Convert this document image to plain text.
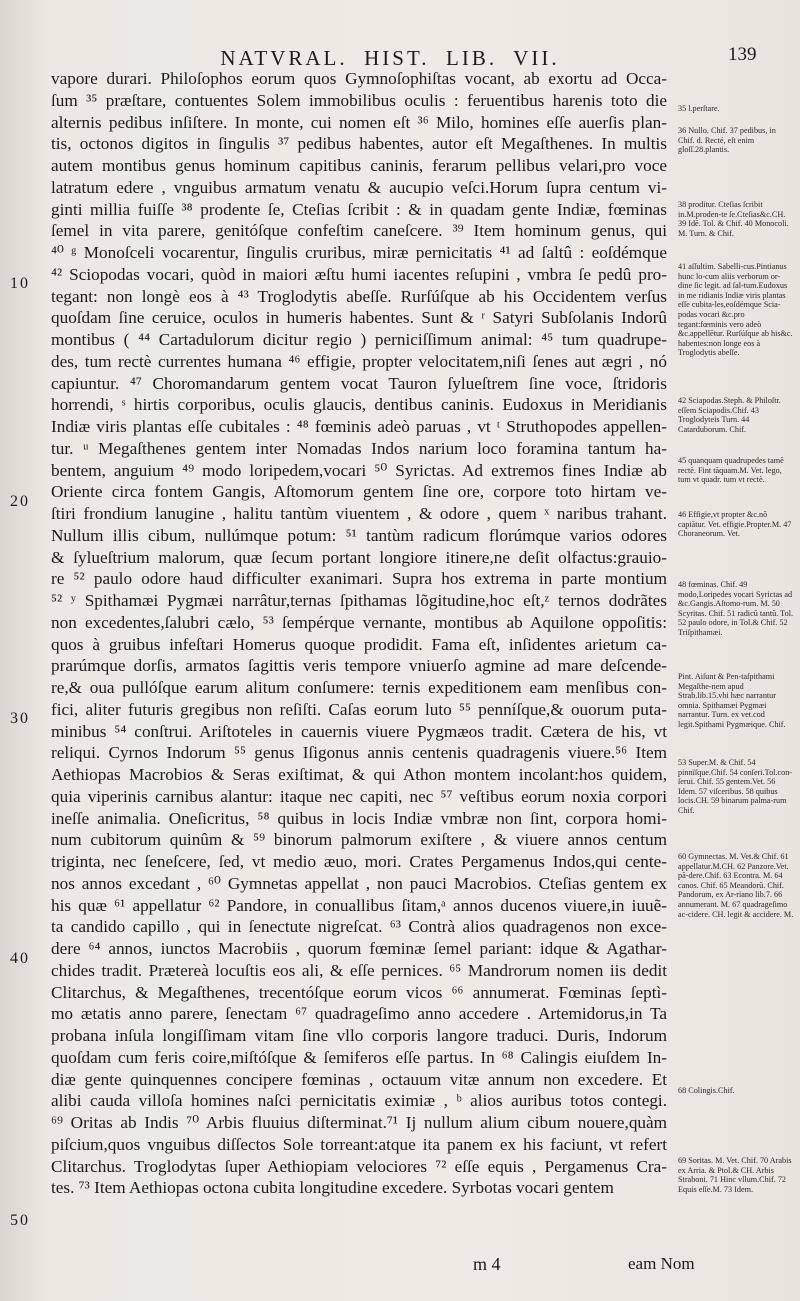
NATVRAL.  HIST.  LIB.  VII.	139
10
20
30
40
50
vapore durari. Philoſophos eorum quos Gymnoſophiſtas vocant, ab exortu ad Occa-
ſum ³⁵ præſtare, contuentes Solem immobilibus oculis : feruentibus harenis toto die
alternis pedibus inſiſtere. In monte, cui nomen eſt ³⁶ Milo, homines eſſe auerſis plan-
tis, octonos digitos in ſingulis ³⁷ pedibus habentes, autor eſt Megaſthenes. In multis
autem montibus genus hominum capitibus caninis, ferarum pellibus velari,pro voce
latratum edere , vnguibus armatum venatu & aucupio veſci.Horum ſupra centum vi-
ginti millia fuiſſe ³⁸ prodente ſe, Cteſias ſcribit : & in quadam gente Indiæ, fœminas
ſemel in vita parere, genitóſque confeſtim caneſcere. ³⁹ Item hominum genus, qui
⁴⁰ ᵍ Monoſceli vocarentur, ſingulis cruribus, miræ pernicitatis ⁴¹ ad ſaltû : eoſdémque
⁴² Sciopodas vocari, quòd in maiori æſtu humi iacentes reſupini , vmbra ſe pedû pro-
tegant: non longè eos à ⁴³ Troglodytis abeſſe. Rurſúſque ab his Occidentem verſus
quoſdam ſine ceruice, oculos in humeris habentes. Sunt & ʳ Satyri Subſolanis Indorû
montibus ( ⁴⁴ Cartadulorum dicitur regio ) perniciſſimum animal: ⁴⁵ tum quadrupe-
des, tum rectè currentes humana ⁴⁶ effigie, propter velocitatem,niſi ſenes aut ægri , nó
capiuntur. ⁴⁷ Choromandarum gentem vocat Tauron ſylueſtrem ſine voce, ſtridoris
horrendi, ˢ hirtis corporibus, oculis glaucis, dentibus caninis. Eudoxus in Meridianis
Indiæ viris plantas eſſe cubitales : ⁴⁸ fœminis adeò paruas , vt ᵗ Struthopodes appellen-
tur. ᵘ Megaſthenes gentem inter Nomadas Indos narium loco foramina tantum ha-
bentem, anguium ⁴⁹ modo loripedem,vocari ⁵⁰ Syrictas. Ad extremos fines Indiæ ab
Oriente circa fontem Gangis, Aſtomorum gentem ſine ore, corpore toto hirtam ve-
ſtiri frondium lanugine , halitu tantùm viuentem , & odore , quem ˣ naribus trahant.
Nullum illis cibum, nullúmque potum: ⁵¹ tantùm radicum florúmque varios odores
& ſylueſtrium malorum, quæ ſecum portant longiore itinere,ne deſit olfactus:grauio-
re ⁵² paulo odore haud difficulter exanimari. Supra hos extrema in parte montium
⁵² ʸ Spithamæi Pygmæi narrâtur,ternas ſpithamas lõgitudine,hoc eſt,ᶻ ternos dodrãtes
non excedentes,ſalubri cælo, ⁵³ ſempérque vernante, montibus ab Aquilone oppoſitis:
quos à gruibus infeſtari Homerus quoque prodidit. Fama eſt, inſidentes arietum ca-
prarúmque dorſis, armatos ſagittis veris tempore vniuerſo agmine ad mare deſcende-
re,& oua pullóſque earum alitum conſumere: ternis expeditionem eam menſibus con-
fici, aliter futuris gregibus non reſiſti. Caſas eorum luto ⁵⁵ penníſque,& ouorum puta-
minibus ⁵⁴ conſtrui. Ariſtoteles in cauernis viuere Pygmæos tradit. Cætera de his, vt
reliqui. Cyrnos Indorum ⁵⁵ genus Iſigonus annis centenis quadragenis viuere.⁵⁶ Item
Aethiopas Macrobios & Seras exiſtimat, & qui Athon montem incolant:hos quidem,
quia viperinis carnibus alantur: itaque nec capiti, nec ⁵⁷ veſtibus eorum noxia corpori
ineſſe animalia. Oneſicritus, ⁵⁸ quibus in locis Indiæ vmbræ non ſint, corpora homi-
num cubitorum quinûm & ⁵⁹ binorum palmorum exiſtere , & viuere annos centum
triginta, nec ſeneſcere, ſed, vt medio æuo, mori. Crates Pergamenus Indos,qui cente-
nos annos excedant , ⁶⁰ Gymnetas appellat , non pauci Macrobios. Cteſias gentem ex
his quæ ⁶¹ appellatur ⁶² Pandore, in conuallibus ſitam,ᵃ annos ducenos viuere,in iuuẽ-
ta candido capillo , qui in ſenectute nigreſcat. ⁶³ Contrà alios quadragenos non exce-
dere ⁶⁴ annos, iunctos Macrobiis , quorum fœminæ ſemel pariant: idque & Agathar-
chides tradit. Prætereà locuſtis eos ali, & eſſe pernices. ⁶⁵ Mandrorum nomen iis dedit
Clitarchus, & Megaſthenes, trecentóſque eorum vicos ⁶⁶ annumerat. Fœminas ſeptì-
mo ætatis anno parere, ſenectam ⁶⁷ quadrageſimo anno accedere . Artemidorus,in Ta
probana inſula longiſſimam vitam ſine vllo corporis langore traduci. Duris, Indorum
quoſdam cum feris coire,miſtóſque & ſemiferos eſſe partus. In ⁶⁸ Calingis eiuſdem In-
diæ gente quinquennes concipere fœminas , octauum vitæ annum non excedere. Et
alibi cauda villoſa homines naſci pernicitatis eximiæ , ᵇ alios auribus totos contegi.
⁶⁹ Oritas ab Indis ⁷⁰ Arbis fluuius diſterminat.⁷¹ Ij nullum alium cibum nouere,quàm
piſcium,quos vnguibus diſſectos Sole torreant:atque ita panem ex his faciunt, vt refert
Clitarchus. Troglodytas ſuper Aethiopiam velociores ⁷² eſſe equis , Pergamenus Cra-
tes. ⁷³ Item Aethiopas octona cubita longitudine excedere. Syrbotas vocari gentem
35 l.perſtare.
36 Nullo. Chif. 37 pedibus, in Chif. d. Recté, eſt enim gloſſ.28.plantis.
38 proditur. Cteſias ſcribit in.M.proden-te ſe.Cteſias&c.CH. 39 Idẽ. Tol. & Chif. 40 Monocoli. M. Turn. & Chif.
41 aſſultim. Sabelli-cus.Pintianus hunc lo-cum aliis verborum or-dine ſic legit. ad ſal-tum.Eudoxus in me ridianis Indiæ viris plantas eſſe cubita-les,eoſdémque Scia-podas vocari &c.pro tegant:fœminis vero adeò &c.appellētur. Rurſúſque ab his&c. habentes:non longe eos à Troglodytis abeſſe.
42 Sciapodas.Steph. & Philoſtr. eſſem Sciapodis.Chif. 43 Troglodyteis Turn. 44 Catarduborum. Chif.
45 quanquam quadrupedes tamẽ rectè. Fint tãquam.M. Vet. lego, tum vt quadr. tum vt rectè.
46 Effigie,vt propter &c.nõ capiātur. Vet. effigie.Propter.M. 47 Choraneorum. Vet.
48 fœminas. Chif. 49 modo,Loripedes vocari Syrictas ad &c.Gangis.Aſtomo-rum. M. 50 Scyritas. Chif. 51 radicũ tantũ. Tol. 52 paulo odore, in Tol.& Chif. 52 Triſpithamæi.
Pint. Aiſunt & Pen-taſpithami Megaſthe-nem apud Strab.lib.15.vbi hæc narrantur omnia. Spithamæi Pygmæi narrantur. Turn. ex vet.cod legit.Spithami Pygmæique. Chif.
53 Super.M. & Chif. 54 pinnïſque.Chif. 54 conſeri.Tol.con-ſerui. Chif. 55 gentem.Vet. 56 Idem. 57 viſceribus. 58 quibus locis.CH. 59 binarum palma-rum Chif.
60 Gymnectas. M. Vet.& Chif. 61 appellatur.M.CH. 62 Panzore.Vet. pã-dere.Chif. 63 Econtra. M. 64 canos. Chif. 65 Meandorũ. Chif. Pandorum, ex Ar-riano lib.7. 66 annumerant. M. 67 quadrageſimo ac-cidere. CH. legit & accidere. M.
68 Colingis.Chif.
69 Soritas. M. Vet. Chif. 70 Arabis ex Arria. & Ptol.& CH. Arbis Straboni. 71 Hinc vllum.Chif. 72 Equis eſſe.M. 73 Idem.
m 4	eam Nom
